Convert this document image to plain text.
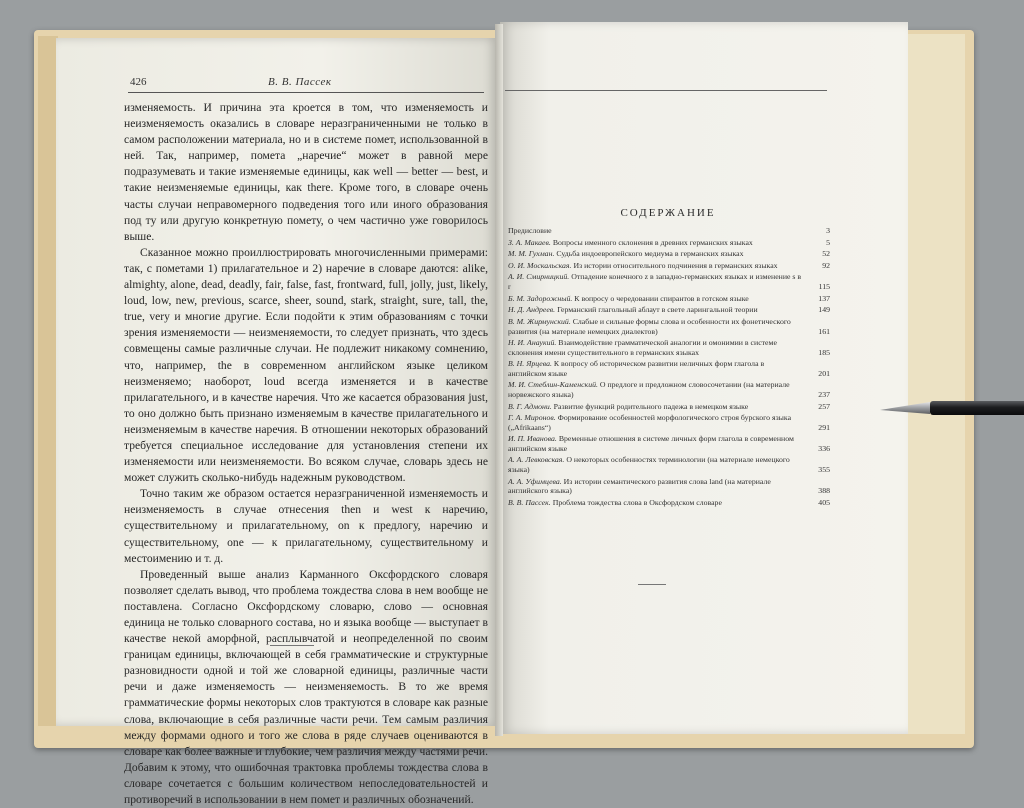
426	В. В. Пассек

изменяемость. И причина эта кроется в том, что изменяемость и неизменяемость оказались в словаре неразграниченными не только в самом расположении материала, но и в системе помет, использованной в ней. Так, например, помета „наречие“ может в равной мере подразумевать и такие изменяемые единицы, как well — better — best, и такие неизменяемые единицы, как there. Кроме того, в словаре очень часты случаи неправомерного подведения того или иного образования под ту или другую конкретную помету, о чем частично уже говорилось выше.

Сказанное можно проиллюстрировать многочисленными примерами: так, с пометами 1) прилагательное и 2) наречие в словаре даются: alike, almighty, alone, dead, deadly, fair, false, fast, frontward, full, jolly, just, likely, loud, low, new, previous, scarce, sheer, sound, stark, straight, sure, tall, the, true, very и многие другие. Если подойти к этим образованиям с точки зрения изменяемости — неизменяемости, то следует признать, что здесь совмещены самые различные случаи. Не подлежит никакому сомнению, что, например, the в современном английском языке целиком неизменяемо; наоборот, loud всегда изменяется и в качестве прилагательного, и в качестве наречия. Что же касается образования just, то оно должно быть признано изменяемым в качестве прилагательного и неизменяемым в качестве наречия. В отношении некоторых образований требуется специальное исследование для установления степени их изменяемости или неизменяемости. Во всяком случае, словарь здесь не может служить сколько-нибудь надежным руководством.

Точно таким же образом остается неразграниченной изменяемость и неизменяемость в случае отнесения then и west к наречию, существительному и прилагательному, on к предлогу, наречию и существительному, one — к прилагательному, существительному и местоимению и т. д.

Проведенный выше анализ Карманного Оксфордского словаря позволяет сделать вывод, что проблема тождества слова в нем вообще не поставлена. Согласно Оксфордскому словарю, слово — основная единица не только словарного состава, но и языка вообще — выступает в качестве некой аморфной, расплывчатой и неопределенной по своим границам единицы, включающей в себя грамматические и структурные разновидности одной и той же словарной единицы, различные части речи и даже изменяемость — неизменяемость. В то же время грамматические формы некоторых слов трактуются в словаре как разные слова, включающие в себя различные части речи. Тем самым различия между формами одного и того же слова в ряде случаев оцениваются в словаре как более важные и глубокие, чем различия между частями речи. Добавим к этому, что ошибочная трактовка проблемы тождества слова в словаре сочетается с большим количеством непоследовательностей и противоречий в использовании в нем помет и различных обозначений.

СОДЕРЖАНИЕ
Предисловие	3
З. А. Макаев. Вопросы именного склонения в древних германских языках	5
М. М. Гухман. Судьба индоевропейского медиума в германских языках	52
О. И. Москальская. Из истории относительного подчинения в германских языках	92
А. И. Смирницкий. Отпадение конечного z в западно-германских языках и изменение s в r	115
Б. М. Задорожный. К вопросу о чередовании спирантов в готском языке	137
Н. Д. Андреев. Германский глагольный аблаут в свете ларингальной теории	149
В. М. Жирмунский. Слабые и сильные формы слова и особенности их фонетического развития (на материале немецких диалектов)	161
Н. И. Анаукий. Взаимодействие грамматической аналогии и омонимии в системе склонения имени существительного в германских языках	185
В. Н. Ярцева. К вопросу об историческом развитии неличных форм глагола в английском языке	201
М. И. Стеблин-Каменский. О предлоге и предложном словосочетании (на материале норвежского языка)	237
В. Г. Адмони. Развитие функций родительного падежа в немецком языке	257
Г. А. Миронов. Формирование особенностей морфологического строя бурского языка („Afrikaans“)	291
И. П. Иванова. Временные отношения в системе личных форм глагола в современном английском языке	336
А. А. Левковская. О некоторых особенностях терминологии (на материале немецкого языка)	355
А. А. Уфимцева. Из истории семантического развития слова land (на материале английского языка)	388
В. В. Пассек. Проблема тождества слова в Оксфордском словаре	405
